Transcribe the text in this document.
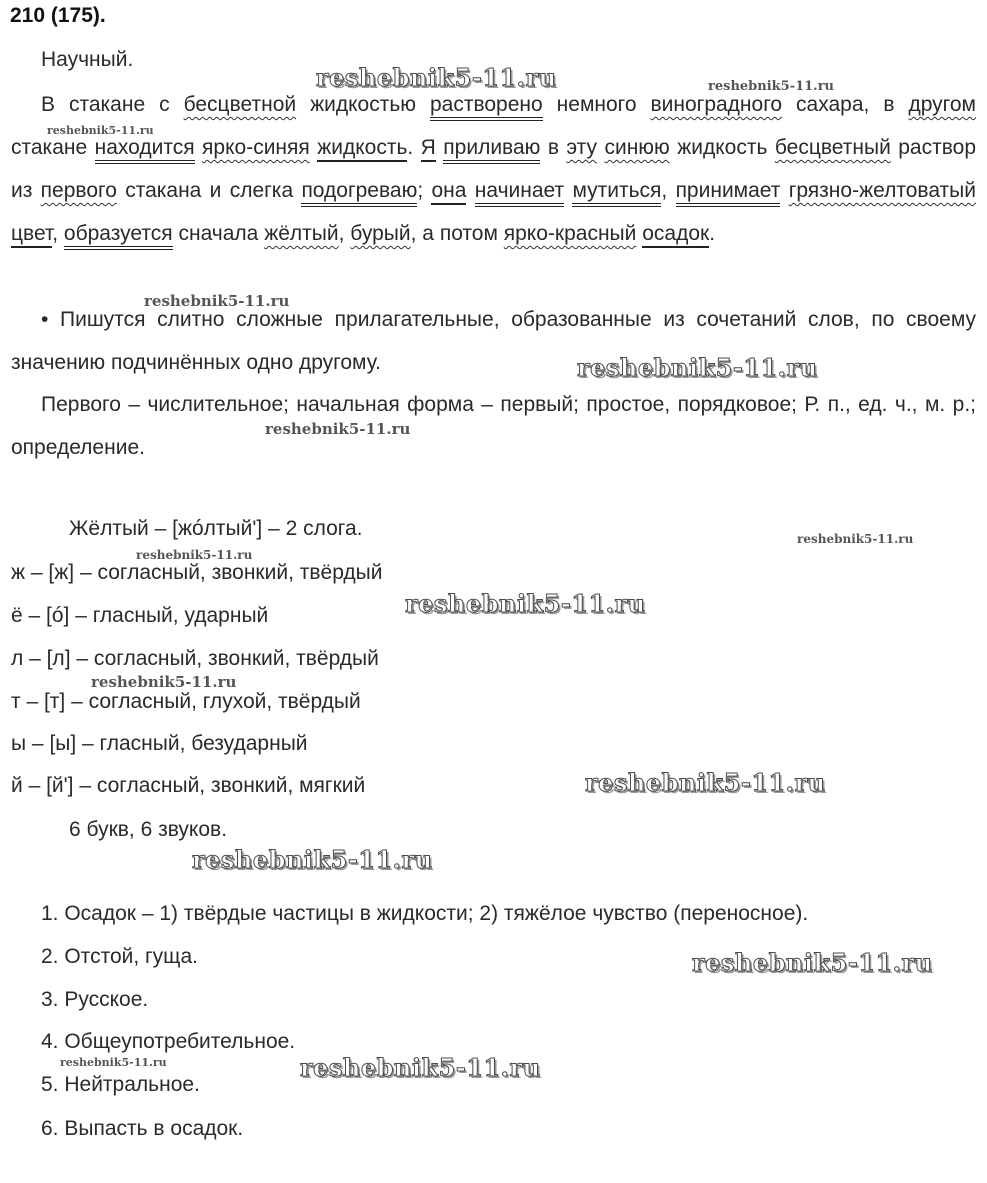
210 (175).
Научный.
В стакане с бесцветной жидкостью растворено немного виноградного сахара, в другом стакане находится ярко-синяя жидкость. Я приливаю в эту синюю жидкость бесцветный раствор из первого стакана и слегка подогреваю; она начинает мутиться, принимает грязно-желтоватый цвет, образуется сначала жёлтый, бурый, а потом ярко-красный осадок.
• Пишутся слитно сложные прилагательные, образованные из сочетаний слов, по своему значению подчинённых одно другому.
Первого – числительное; начальная форма – первый; простое, порядковое; Р. п., ед. ч., м. р.; определение.
Жёлтый – [жóлтый'] – 2 слога.
ж – [ж] – согласный, звонкий, твёрдый
ё – [ó] – гласный, ударный
л – [л] – согласный, звонкий, твёрдый
т – [т] – согласный, глухой, твёрдый
ы – [ы] – гласный, безударный
й – [й'] – согласный, звонкий, мягкий
6 букв, 6 звуков.
1. Осадок – 1) твёрдые частицы в жидкости; 2) тяжёлое чувство (переносное).
2. Отстой, гуща.
3. Русское.
4. Общеупотребительное.
5. Нейтральное.
6. Выпасть в осадок.
reshebnik5-11.ru	reshebnik5-11.ru
reshebnik5-11.ru
reshebnik5-11.ru
reshebnik5-11.ru
reshebnik5-11.ru
reshebnik5-11.ru
reshebnik5-11.ru
reshebnik5-11.ru
reshebnik5-11.ru
reshebnik5-11.ru
reshebnik5-11.ru
reshebnik5-11.ru
reshebnik5-11.ru	reshebnik5-11.ru
